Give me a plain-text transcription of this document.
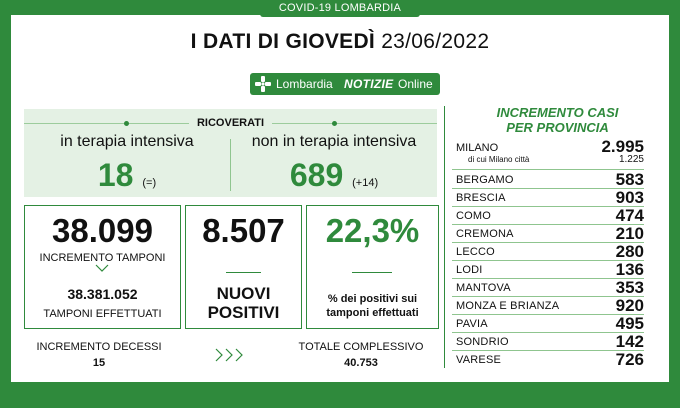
COVID-19 LOMBARDIA
I DATI DI GIOVEDÌ 23/06/2022
Lombardia NOTIZIE Online
RICOVERATI
in terapia intensiva
18 (=)
non in terapia intensiva
689 (+14)
38.099
INCREMENTO TAMPONI
38.381.052
TAMPONI EFFETTUATI
8.507
NUOVI
POSITIVI
22,3%
% dei positivi sui
tamponi effettuati
INCREMENTO DECESSI
15
TOTALE COMPLESSIVO
40.753
INCREMENTO CASI
PER PROVINCIA
MILANO	2.995
di cui Milano città	1.225
BERGAMO	583
BRESCIA	903
COMO	474
CREMONA	210
LECCO	280
LODI	136
MANTOVA	353
MONZA E BRIANZA	920
PAVIA	495
SONDRIO	142
VARESE	726
